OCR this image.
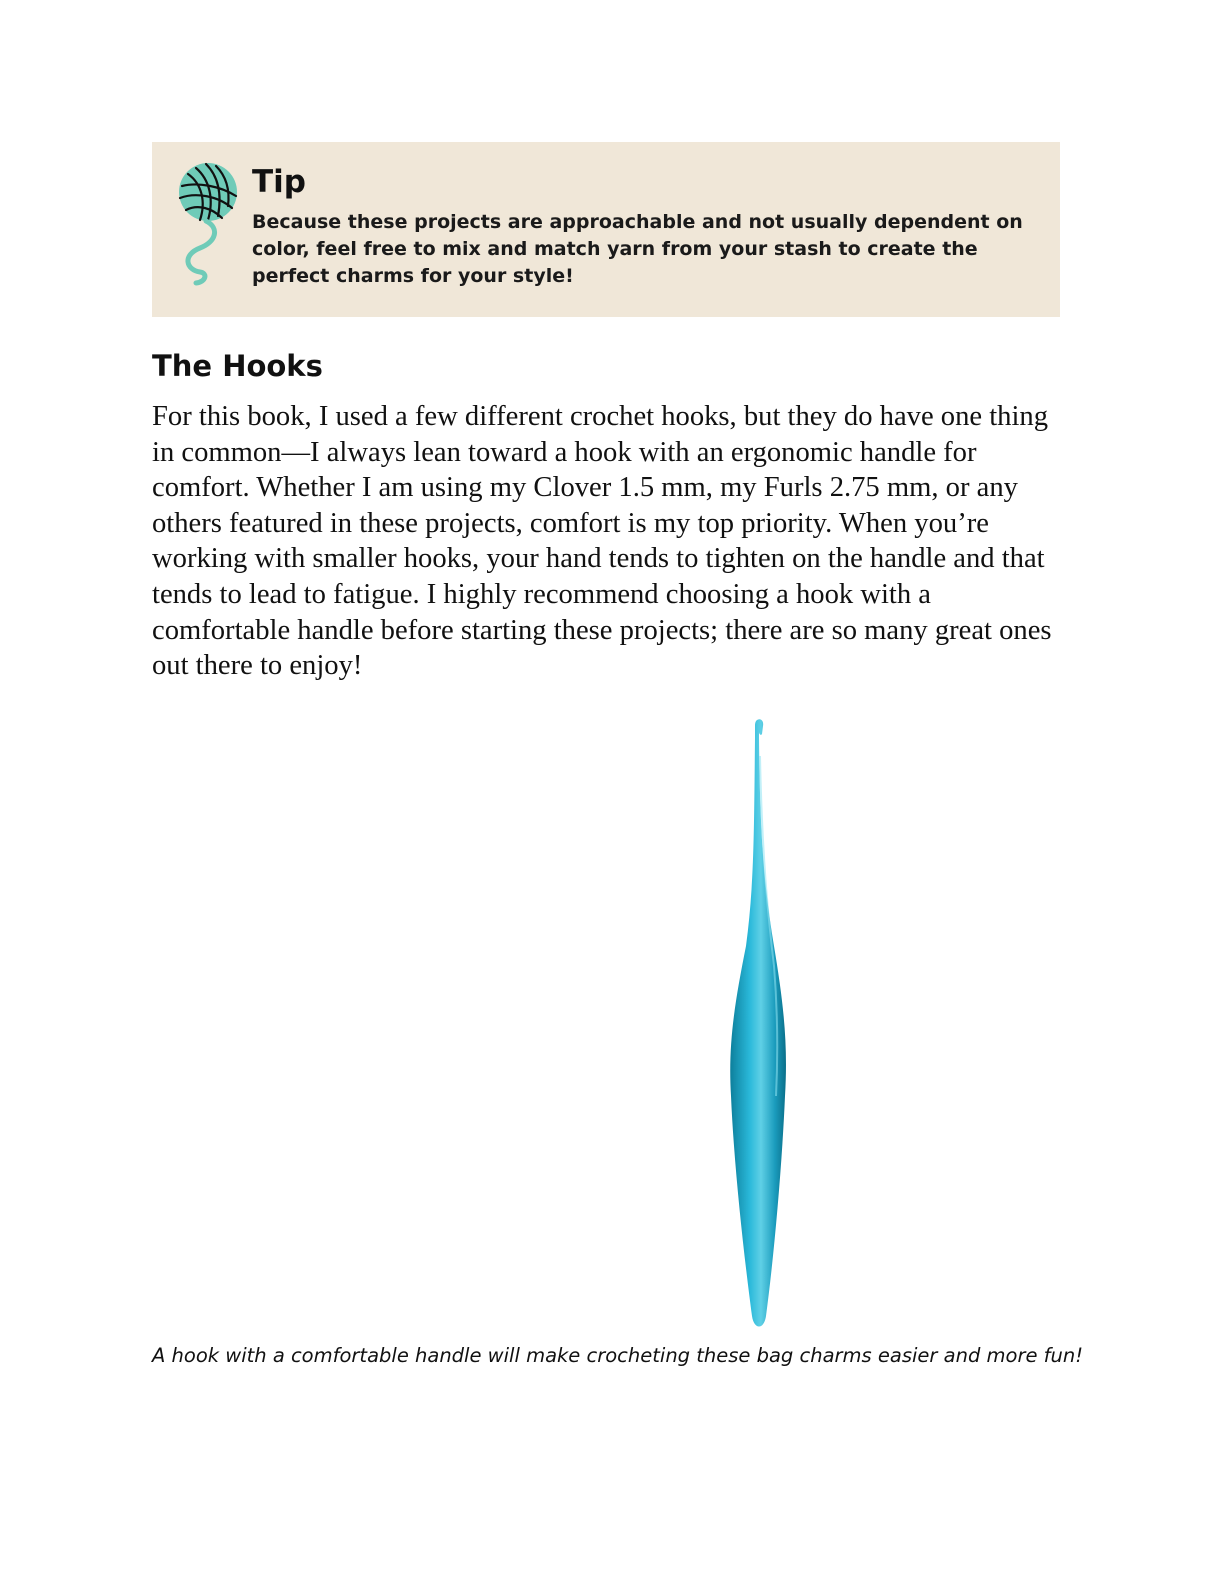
Tip
Because these projects are approachable and not usually dependent on color, feel free to mix and match yarn from your stash to create the perfect charms for your style!
The Hooks

For this book, I used a few different crochet hooks, but they do have one thing in common—I always lean toward a hook with an ergonomic handle for comfort. Whether I am using my Clover 1.5 mm, my Furls 2.75 mm, or any others featured in these projects, comfort is my top priority. When you’re working with smaller hooks, your hand tends to tighten on the handle and that tends to lead to fatigue. I highly recommend choosing a hook with a comfortable handle before starting these projects; there are so many great ones out there to enjoy!

A hook with a comfortable handle will make crocheting these bag charms easier and more fun!
